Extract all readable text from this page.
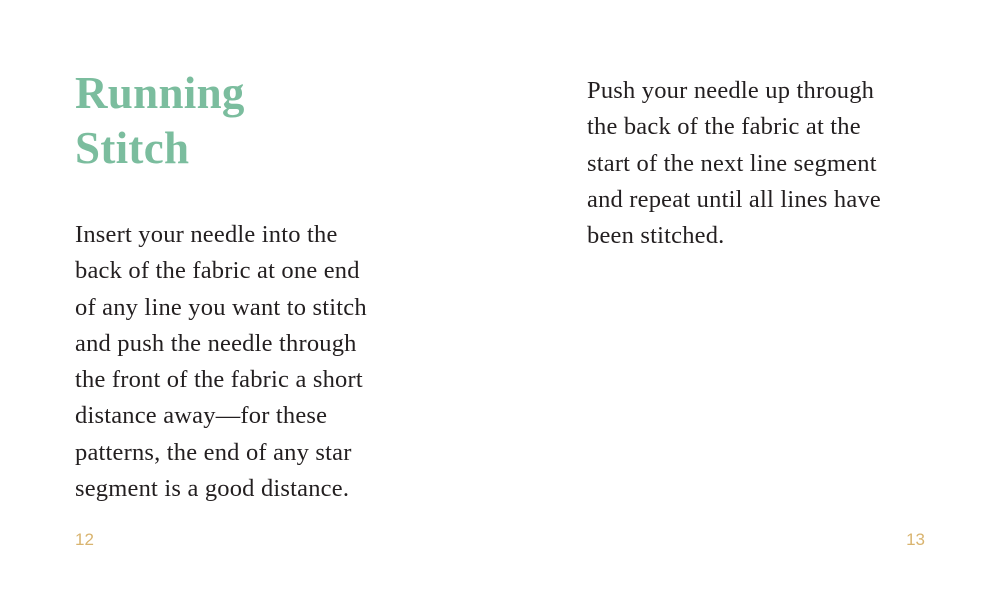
Running
Stitch

Insert your needle into the
back of the fabric at one end
of any line you want to stitch
and push the needle through
the front of the fabric a short
distance away—for these
patterns, the end of any star
segment is a good distance.

12

Push your needle up through
the back of the fabric at the
start of the next line segment
and repeat until all lines have
been stitched.

13
